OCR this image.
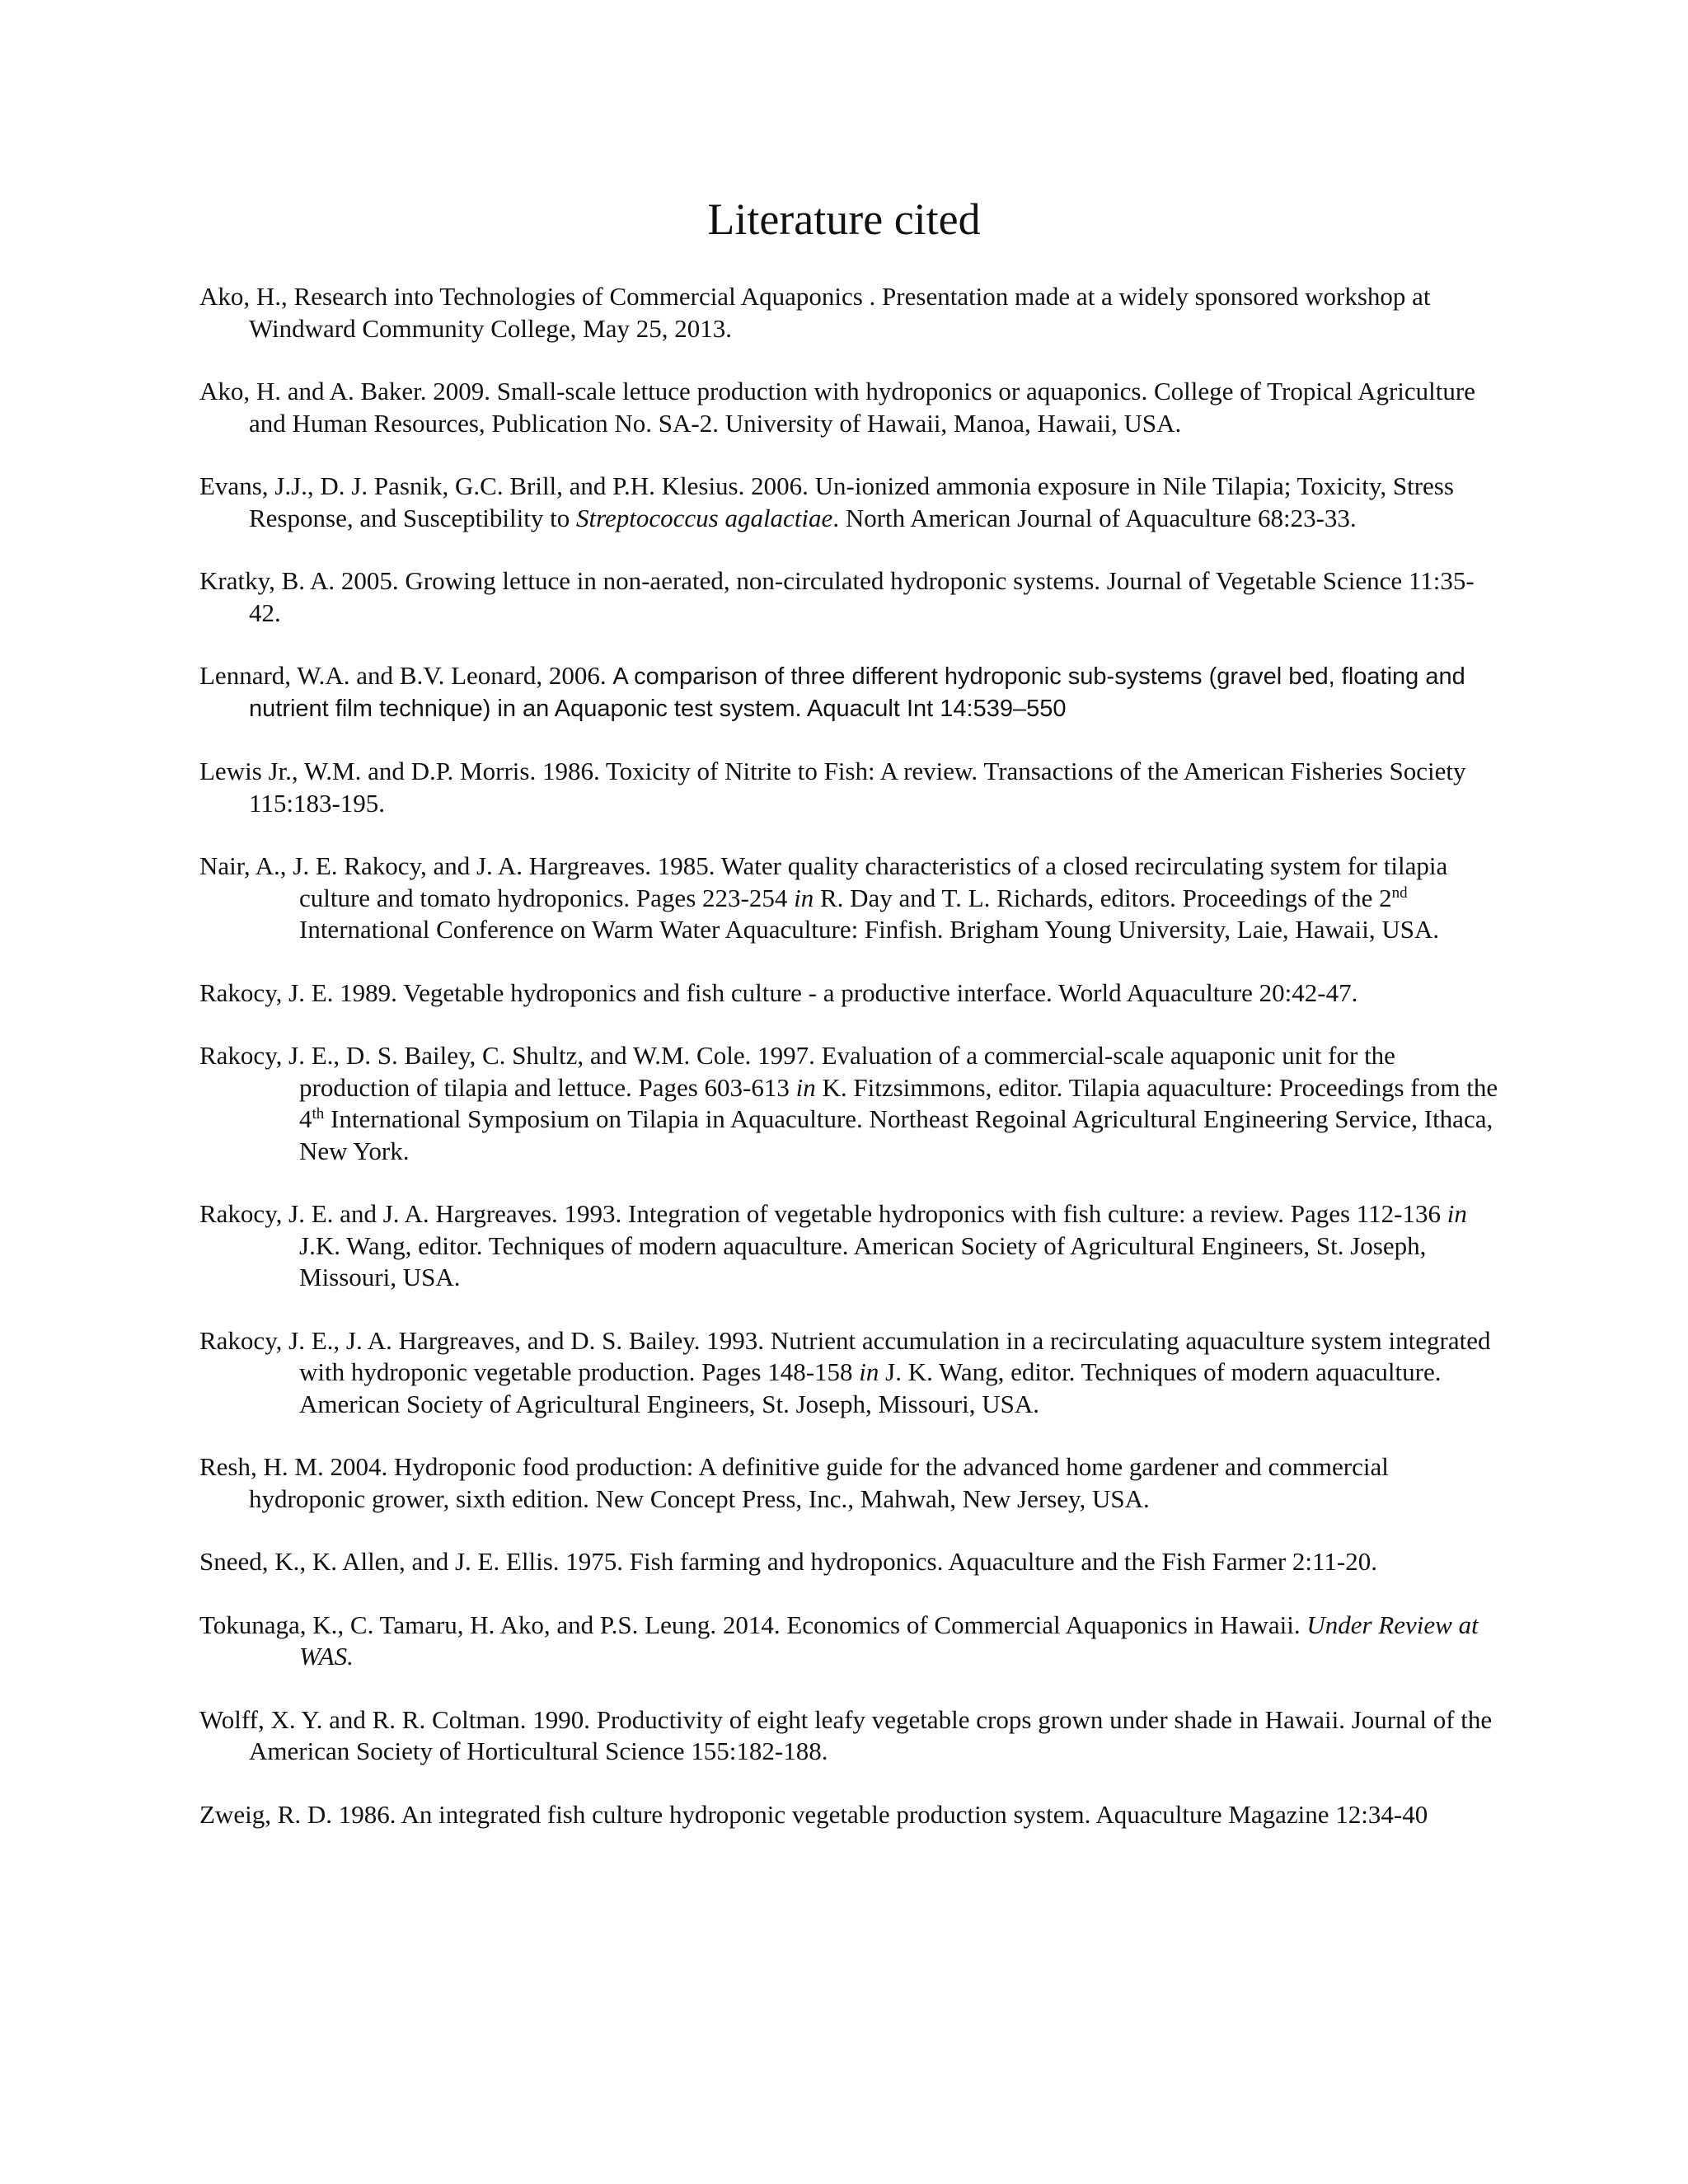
Literature cited

Ako, H., Research into Technologies of Commercial Aquaponics . Presentation made at a widely sponsored workshop at Windward Community College, May 25, 2013.

Ako, H. and A. Baker. 2009. Small-scale lettuce production with hydroponics or aquaponics. College of Tropical Agriculture and Human Resources, Publication No. SA-2. University of Hawaii, Manoa, Hawaii, USA.

Evans, J.J., D. J. Pasnik, G.C. Brill, and P.H. Klesius. 2006. Un-ionized ammonia exposure in Nile Tilapia; Toxicity, Stress Response, and Susceptibility to Streptococcus agalactiae. North American Journal of Aquaculture 68:23-33.

Kratky, B. A. 2005. Growing lettuce in non-aerated, non-circulated hydroponic systems. Journal of Vegetable Science 11:35-42.

Lennard, W.A. and B.V. Leonard, 2006. A comparison of three different hydroponic sub-systems (gravel bed, floating and nutrient film technique) in an Aquaponic test system. Aquacult Int 14:539–550

Lewis Jr., W.M. and D.P. Morris. 1986. Toxicity of Nitrite to Fish: A review. Transactions of the American Fisheries Society 115:183-195.

Nair, A., J. E. Rakocy, and J. A. Hargreaves. 1985. Water quality characteristics of a closed recirculating system for tilapia culture and tomato hydroponics. Pages 223-254 in R. Day and T. L. Richards, editors. Proceedings of the 2nd International Conference on Warm Water Aquaculture: Finfish. Brigham Young University, Laie, Hawaii, USA.

Rakocy, J. E. 1989. Vegetable hydroponics and fish culture - a productive interface. World Aquaculture 20:42-47.

Rakocy, J. E., D. S. Bailey, C. Shultz, and W.M. Cole. 1997. Evaluation of a commercial-scale aquaponic unit for the production of tilapia and lettuce. Pages 603-613 in K. Fitzsimmons, editor. Tilapia aquaculture: Proceedings from the 4th International Symposium on Tilapia in Aquaculture. Northeast Regoinal Agricultural Engineering Service, Ithaca, New York.

Rakocy, J. E. and J. A. Hargreaves. 1993. Integration of vegetable hydroponics with fish culture: a review. Pages 112-136 in J.K. Wang, editor. Techniques of modern aquaculture. American Society of Agricultural Engineers, St. Joseph, Missouri, USA.

Rakocy, J. E., J. A. Hargreaves, and D. S. Bailey. 1993. Nutrient accumulation in a recirculating aquaculture system integrated with hydroponic vegetable production. Pages 148-158 in J. K. Wang, editor. Techniques of modern aquaculture. American Society of Agricultural Engineers, St. Joseph, Missouri, USA.

Resh, H. M. 2004. Hydroponic food production: A definitive guide for the advanced home gardener and commercial hydroponic grower, sixth edition. New Concept Press, Inc., Mahwah, New Jersey, USA.

Sneed, K., K. Allen, and J. E. Ellis. 1975. Fish farming and hydroponics. Aquaculture and the Fish Farmer 2:11-20.

Tokunaga, K., C. Tamaru, H. Ako, and P.S. Leung. 2014. Economics of Commercial Aquaponics in Hawaii. Under Review at WAS.

Wolff, X. Y. and R. R. Coltman. 1990. Productivity of eight leafy vegetable crops grown under shade in Hawaii. Journal of the American Society of Horticultural Science 155:182-188.

Zweig, R. D. 1986. An integrated fish culture hydroponic vegetable production system. Aquaculture Magazine 12:34-40
